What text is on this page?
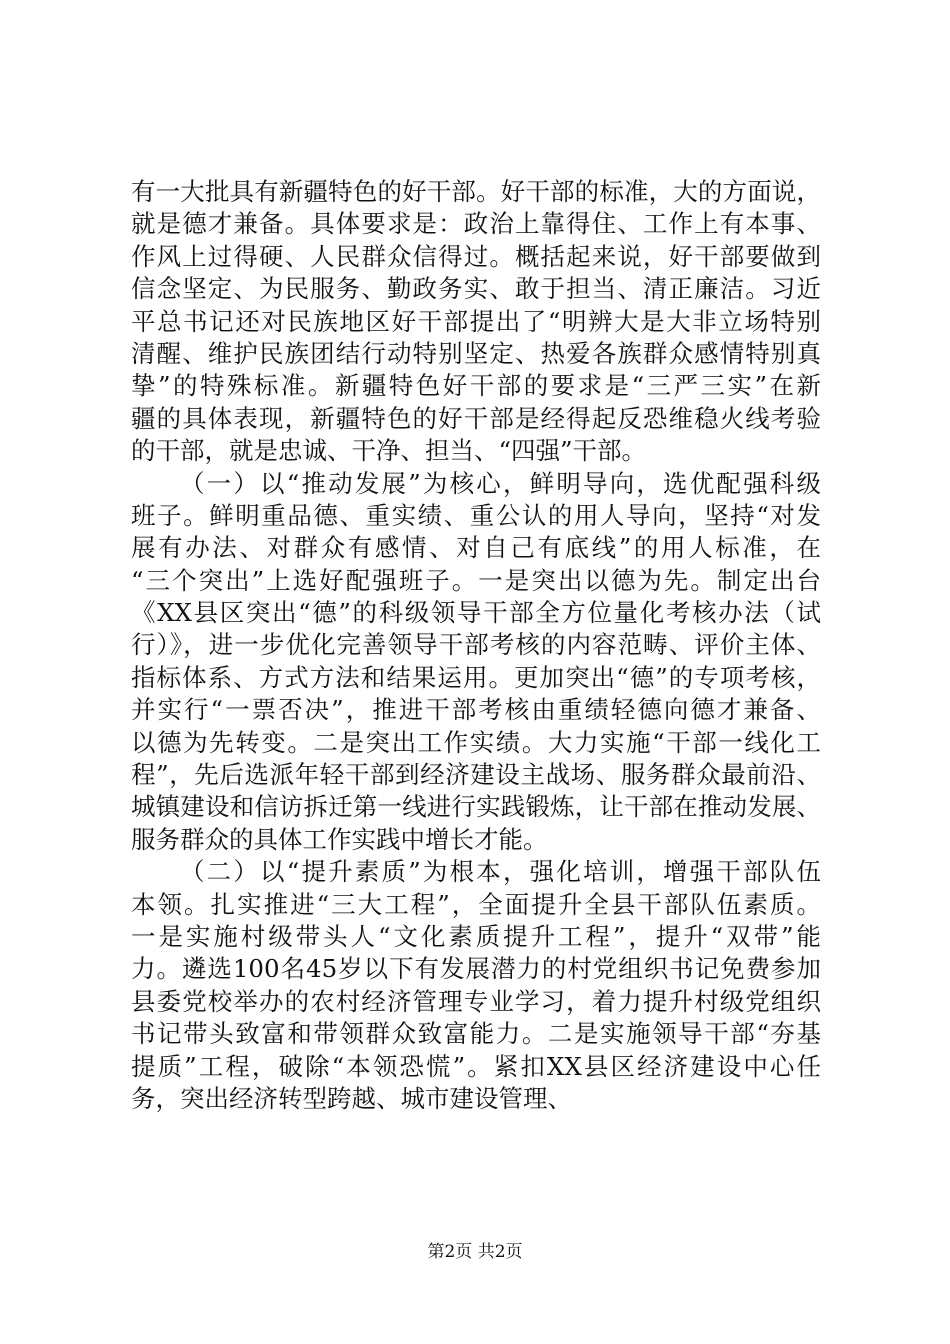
有一大批具有新疆特色的好干部。好干部的标准，大的方面说，
就是德才兼备。具体要求是：政治上靠得住、工作上有本事、
作风上过得硬、人民群众信得过。概括起来说，好干部要做到
信念坚定、为民服务、勤政务实、敢于担当、清正廉洁。习近
平总书记还对民族地区好干部提出了“明辨大是大非立场特别
清醒、维护民族团结行动特别坚定、热爱各族群众感情特别真
挚”的特殊标准。新疆特色好干部的要求是“三严三实”在新
疆的具体表现，新疆特色的好干部是经得起反恐维稳火线考验
的干部，就是忠诚、干净、担当、“四强”干部。
（一）以“推动发展”为核心，鲜明导向，选优配强科级
班子。鲜明重品德、重实绩、重公认的用人导向，坚持“对发
展有办法、对群众有感情、对自己有底线”的用人标准，在
“三个突出”上选好配强班子。一是突出以德为先。制定出台
《XX县区突出“德”的科级领导干部全方位量化考核办法（试
行）》，进一步优化完善领导干部考核的内容范畴、评价主体、
指标体系、方式方法和结果运用。更加突出“德”的专项考核，
并实行“一票否决”，推进干部考核由重绩轻德向德才兼备、
以德为先转变。二是突出工作实绩。大力实施“干部一线化工
程”，先后选派年轻干部到经济建设主战场、服务群众最前沿、
城镇建设和信访拆迁第一线进行实践锻炼，让干部在推动发展、
服务群众的具体工作实践中增长才能。
（二）以“提升素质”为根本，强化培训，增强干部队伍
本领。扎实推进“三大工程”，全面提升全县干部队伍素质。
一是实施村级带头人“文化素质提升工程”，提升“双带”能
力。遴选100名45岁以下有发展潜力的村党组织书记免费参加
县委党校举办的农村经济管理专业学习，着力提升村级党组织
书记带头致富和带领群众致富能力。二是实施领导干部“夯基
提质”工程，破除“本领恐慌”。紧扣XX县区经济建设中心任
务，突出经济转型跨越、城市建设管理、
第2页 共2页
